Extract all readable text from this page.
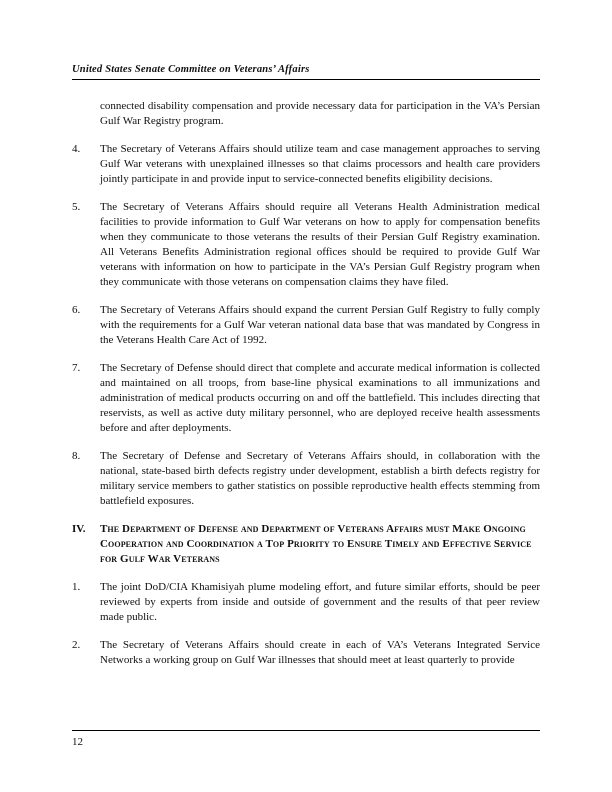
United States Senate Committee on Veterans’ Affairs

connected disability compensation and provide necessary data for participation in the VA’s Persian Gulf War Registry program.

4.	The Secretary of Veterans Affairs should utilize team and case management approaches to serving Gulf War veterans with unexplained illnesses so that claims processors and health care providers jointly participate in and provide input to service-connected benefits eligibility decisions.
5.	The Secretary of Veterans Affairs should require all Veterans Health Administration medical facilities to provide information to Gulf War veterans on how to apply for compensation benefits when they communicate to those veterans the results of their Persian Gulf Registry examination. All Veterans Benefits Administration regional offices should be required to provide Gulf War veterans with information on how to participate in the VA’s Persian Gulf Registry program when they communicate with those veterans on compensation claims they have filed.
6.	The Secretary of Veterans Affairs should expand the current Persian Gulf Registry to fully comply with the requirements for a Gulf War veteran national data base that was mandated by Congress in the Veterans Health Care Act of 1992.
7.	The Secretary of Defense should direct that complete and accurate medical information is collected and maintained on all troops, from base-line physical examinations to all immunizations and administration of medical products occurring on and off the battlefield. This includes directing that reservists, as well as active duty military personnel, who are deployed receive health assessments before and after deployments.
8.	The Secretary of Defense and Secretary of Veterans Affairs should, in collaboration with the national, state-based birth defects registry under development, establish a birth defects registry for military service members to gather statistics on possible reproductive health effects stemming from battlefield exposures.
IV.	The Department of Defense and Department of Veterans Affairs must Make Ongoing Cooperation and Coordination a Top Priority to Ensure Timely and Effective Service for Gulf War Veterans
1.	The joint DoD/CIA Khamisiyah plume modeling effort, and future similar efforts, should be peer reviewed by experts from inside and outside of government and the results of that peer review made public.
2.	The Secretary of Veterans Affairs should create in each of VA’s Veterans Integrated Service Networks a working group on Gulf War illnesses that should meet at least quarterly to provide
12
